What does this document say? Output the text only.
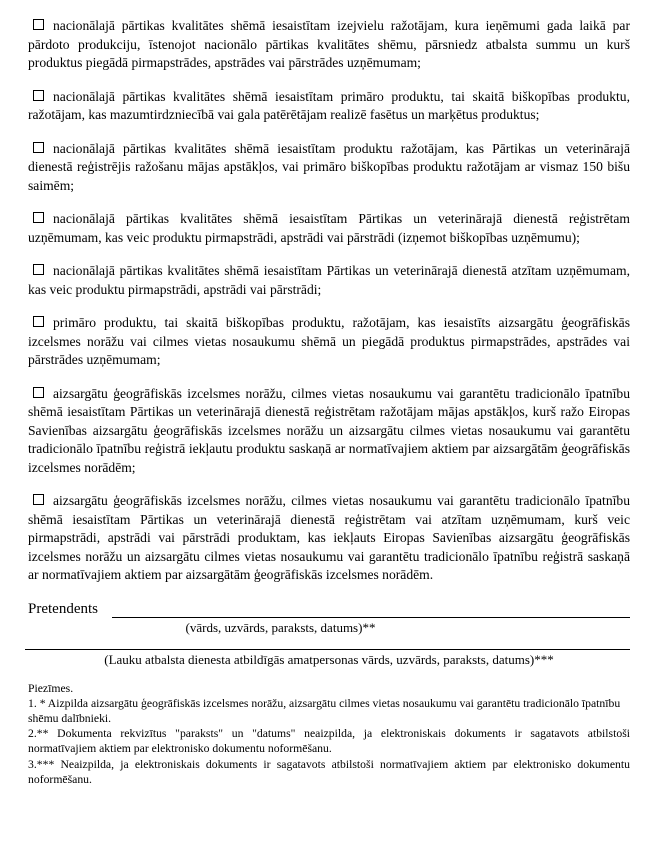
nacionālajā pārtikas kvalitātes shēmā iesaistītam izejvielu ražotājam, kura ieņēmumi gada laikā par pārdoto produkciju, īstenojot nacionālo pārtikas kvalitātes shēmu, pārsniedz atbalsta summu un kurš produktus piegādā pirmapstrādes, apstrādes vai pārstrādes uzņēmumam;

nacionālajā pārtikas kvalitātes shēmā iesaistītam primāro produktu, tai skaitā biškopības produktu, ražotājam, kas mazumtirdzniecībā vai gala patērētājam realizē fasētus un marķētus produktus;

nacionālajā pārtikas kvalitātes shēmā iesaistītam produktu ražotājam, kas Pārtikas un veterinārajā dienestā reģistrējis ražošanu mājas apstākļos, vai primāro biškopības produktu ražotājam ar vismaz 150 bišu saimēm;

nacionālajā pārtikas kvalitātes shēmā iesaistītam Pārtikas un veterinārajā dienestā reģistrētam uzņēmumam, kas veic produktu pirmapstrādi, apstrādi vai pārstrādi (izņemot biškopības uzņēmumu);

nacionālajā pārtikas kvalitātes shēmā iesaistītam Pārtikas un veterinārajā dienestā atzītam uzņēmumam, kas veic produktu pirmapstrādi, apstrādi vai pārstrādi;

primāro produktu, tai skaitā biškopības produktu, ražotājam, kas iesaistīts aizsargātu ģeogrāfiskās izcelsmes norāžu vai cilmes vietas nosaukumu shēmā un piegādā produktus pirmapstrādes, apstrādes vai pārstrādes uzņēmumam;

aizsargātu ģeogrāfiskās izcelsmes norāžu, cilmes vietas nosaukumu vai garantētu tradicionālo īpatnību shēmā iesaistītam Pārtikas un veterinārajā dienestā reģistrētam ražotājam mājas apstākļos, kurš ražo Eiropas Savienības aizsargātu ģeogrāfiskās izcelsmes norāžu un aizsargātu cilmes vietas nosaukumu vai garantētu tradicionālo īpatnību reģistrā iekļautu produktu saskaņā ar normatīvajiem aktiem par aizsargātām ģeogrāfiskās izcelsmes norādēm;

aizsargātu ģeogrāfiskās izcelsmes norāžu, cilmes vietas nosaukumu vai garantētu tradicionālo īpatnību shēmā iesaistītam Pārtikas un veterinārajā dienestā reģistrētam vai atzītam uzņēmumam, kurš veic pirmapstrādi, apstrādi vai pārstrādi produktam, kas iekļauts Eiropas Savienības aizsargātu ģeogrāfiskās izcelsmes norāžu un aizsargātu cilmes vietas nosaukumu vai garantētu tradicionālo īpatnību reģistrā saskaņā ar normatīvajiem aktiem par aizsargātām ģeogrāfiskās izcelsmes norādēm.

Pretendents
(vārds, uzvārds, paraksts, datums)**
(Lauku atbalsta dienesta atbildīgās amatpersonas vārds, uzvārds, paraksts, datums)***

Piezīmes.

1. * Aizpilda aizsargātu ģeogrāfiskās izcelsmes norāžu, aizsargātu cilmes vietas nosaukumu vai garantētu tradicionālo īpatnību shēmu dalībnieki.

2.** Dokumenta rekvizītus "paraksts" un "datums" neaizpilda, ja elektroniskais dokuments ir sagatavots atbilstoši normatīvajiem aktiem par elektronisko dokumentu noformēšanu.

3.*** Neaizpilda, ja elektroniskais dokuments ir sagatavots atbilstoši normatīvajiem aktiem par elektronisko dokumentu noformēšanu.
